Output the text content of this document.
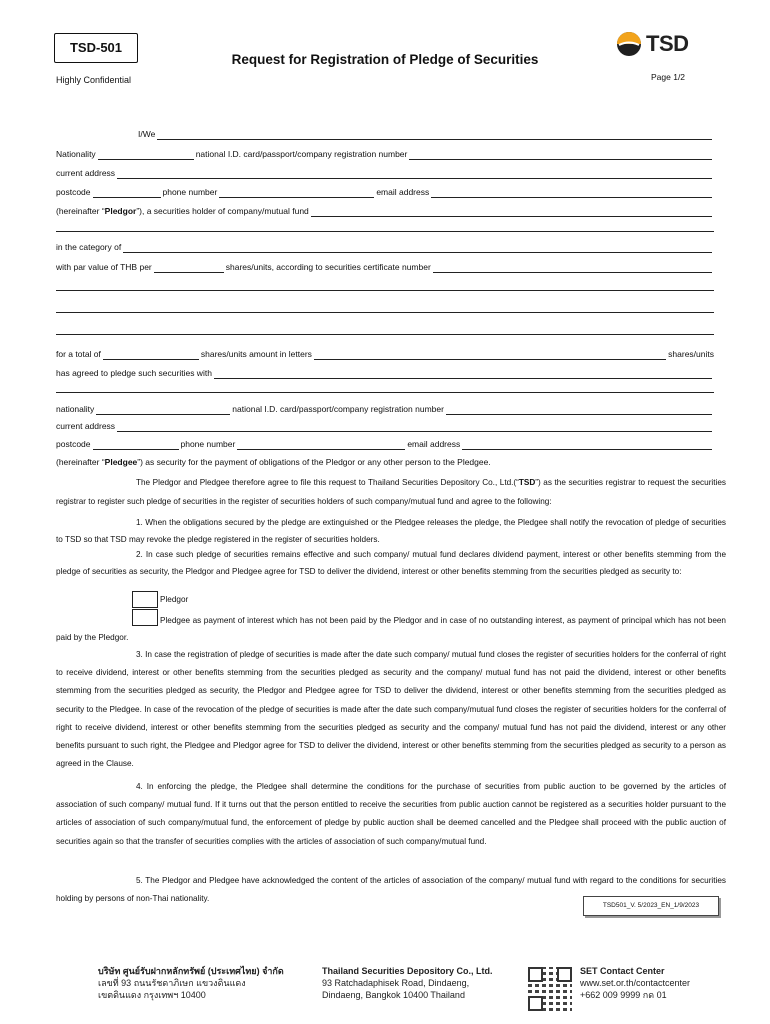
TSD-501
Request for Registration of Pledge of Securities
Highly Confidential	Page 1/2
TSD
I/We
Nationality	national I.D. card/passport/company registration number
current address
postcode	phone number	email address
(hereinafter “ Pledgor ”), a securities holder of company/mutual fund
in the category of
with par value of THB per	shares/units, according to securities certificate number
for a total of	shares/units amount in letters	shares/units
has agreed to pledge such securities with
nationality	national I.D. card/passport/company registration number
current address
postcode	phone number	email address
(hereinafter “ Pledgee ”) as security for the payment of obligations of the Pledgor or any other person to the Pledgee.
The Pledgor and Pledgee therefore agree to file this request to Thailand Securities Depository Co., Ltd.(“TSD”) as the securities registrar to request the securities registrar to register such pledge of securities in the register of securities holders of such company/mutual fund and agree to the following:
1. When the obligations secured by the pledge are extinguished or the Pledgee releases the pledge, the Pledgee shall notify the revocation of pledge of securities to TSD so that TSD may revoke the pledge registered in the register of securities holders.
2. In case such pledge of securities remains effective and such company/ mutual fund declares dividend payment, interest or other benefits stemming from the pledge of securities as security, the Pledgor and Pledgee agree for TSD to deliver the dividend, interest or other benefits stemming from the securities pledged as security to:
Pledgor
Pledgee as payment of interest which has not been paid by the Pledgor and in case of no outstanding interest, as payment of principal which has not been paid by the Pledgor.
3. In case the registration of pledge of securities is made after the date such company/ mutual fund closes the register of securities holders for the conferral of right to receive dividend, interest or other benefits stemming from the securities pledged as security and the company/ mutual fund has not paid the dividend, interest or other benefits stemming from the securities pledged as security, the Pledgor and Pledgee agree for TSD to deliver the dividend, interest or other benefits stemming from the securities pledged as security to the Pledgee. In case of the revocation of the pledge of securities is made after the date such company/mutual fund closes the register of securities holders for the conferral of right to receive dividend, interest or other benefits stemming from the securities pledged as security and the company/ mutual fund has not paid the dividend, interest or any other benefits pursuant to such right, the Pledgee and Pledgor agree for TSD to deliver the dividend, interest or other benefits stemming from the securities pledged as security to a person as agreed in the Clause.
4. In enforcing the pledge, the Pledgee shall determine the conditions for the purchase of securities from public auction to be governed by the articles of association of such company/ mutual fund. If it turns out that the person entitled to receive the securities from public auction cannot be registered as a securities holder pursuant to the articles of association of such company/mutual fund, the enforcement of pledge by public auction shall be deemed cancelled and the Pledgee shall proceed with the public auction of securities again so that the transfer of securities complies with the articles of association of such company/mutual fund.
5. The Pledgor and Pledgee have acknowledged the content of the articles of association of the company/ mutual fund with regard to the conditions for securities holding by persons of non-Thai nationality.
TSD501_V. 5/2023_EN_1/9/2023
บริษัท ศูนย์รับฝากหลักทรัพย์ (ประเทศไทย) จำกัด
เลขที่ 93 ถนนรัชดาภิเษก แขวงดินแดง
เขตดินแดง กรุงเทพฯ 10400
Thailand Securities Depository Co., Ltd.
93 Ratchadaphisek Road, Dindaeng,
Dindaeng, Bangkok 10400 Thailand
SET Contact Center
www.set.or.th/contactcenter
+662 009 9999 กด 01
